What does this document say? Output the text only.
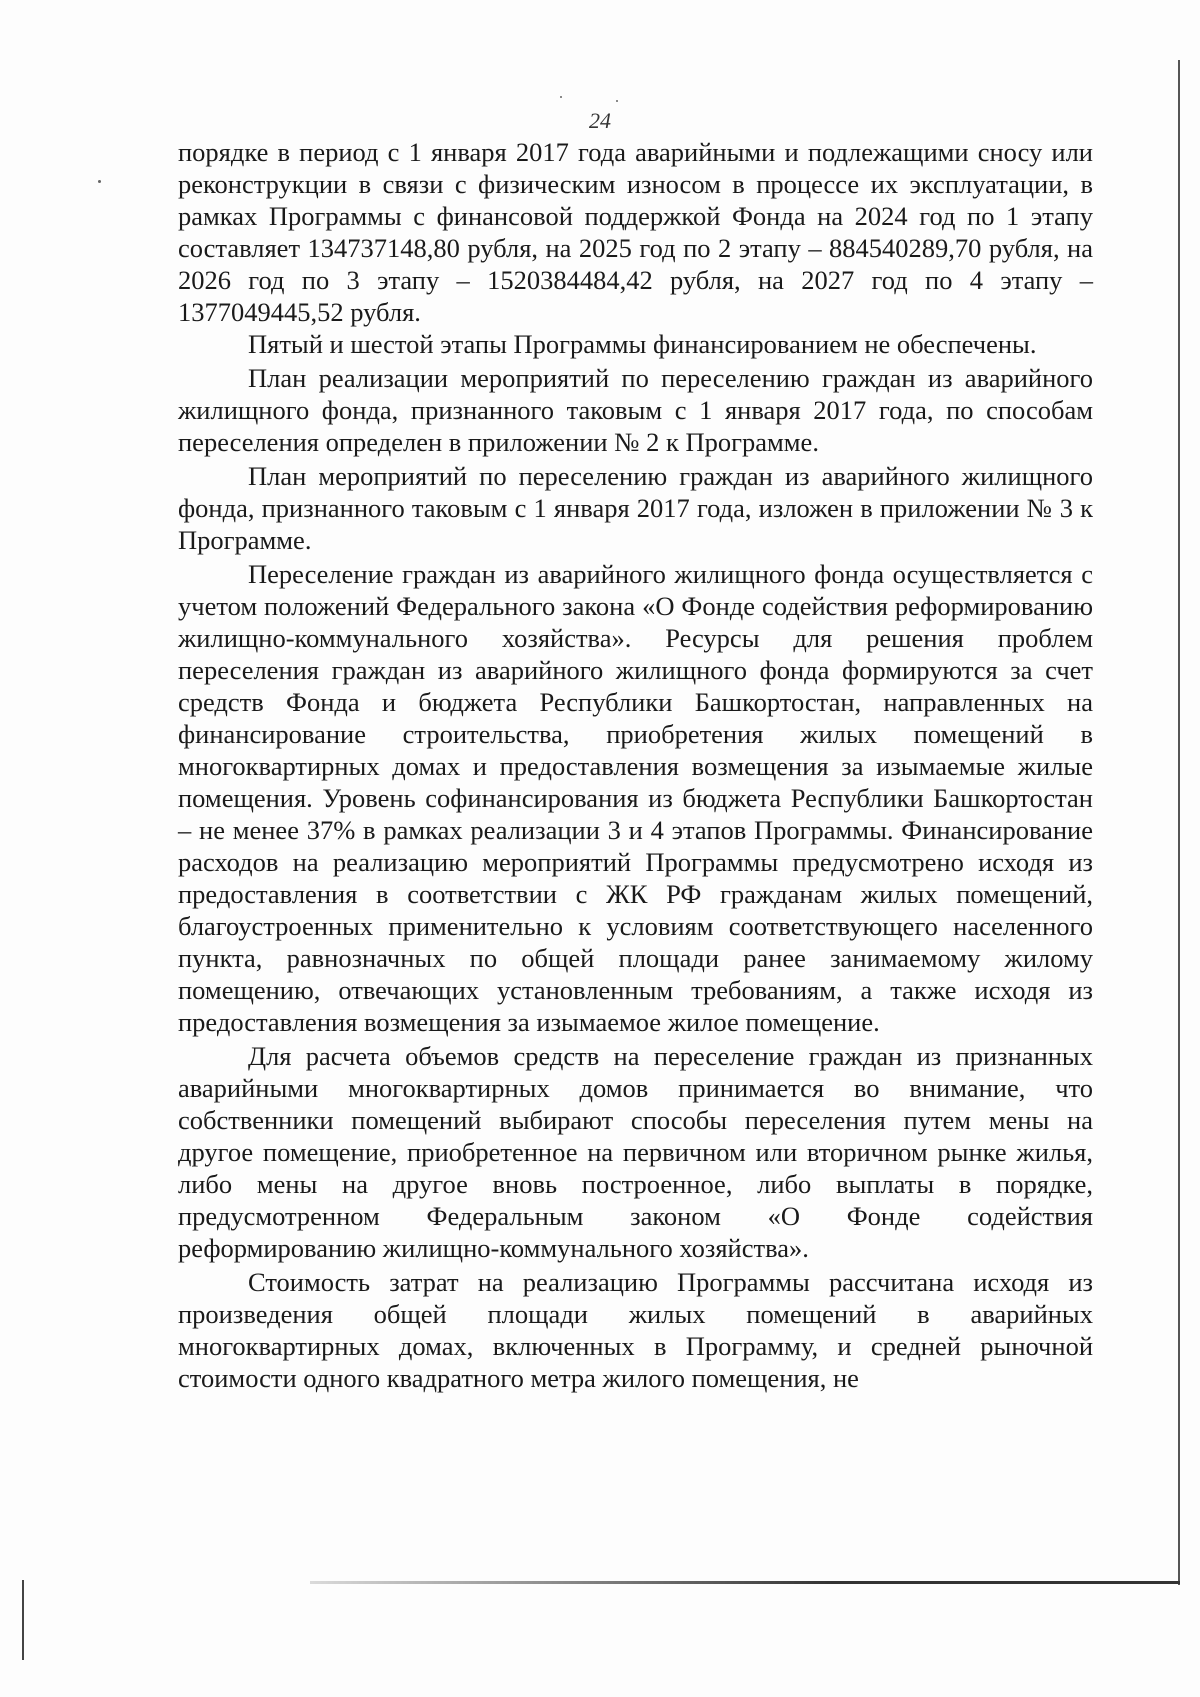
24

порядке в период с 1 января 2017 года аварийными и подлежащими сносу или реконструкции в связи с физическим износом в процессе их эксплуатации, в рамках Программы с финансовой поддержкой Фонда на 2024 год по 1 этапу составляет 134737148,80 рубля, на 2025 год по 2 этапу – 884540289,70 рубля, на 2026 год по 3 этапу – 1520384484,42 рубля, на 2027 год по 4 этапу – 1377049445,52 рубля.

Пятый и шестой этапы Программы финансированием не обеспечены.

План реализации мероприятий по переселению граждан из аварийного жилищного фонда, признанного таковым с 1 января 2017 года, по способам переселения определен в приложении № 2 к Программе.

План мероприятий по переселению граждан из аварийного жилищного фонда, признанного таковым с 1 января 2017 года, изложен в приложении № 3 к Программе.

Переселение граждан из аварийного жилищного фонда осуществляется с учетом положений Федерального закона «О Фонде содействия реформированию жилищно-коммунального хозяйства». Ресурсы для решения проблем переселения граждан из аварийного жилищного фонда формируются за счет средств Фонда и бюджета Республики Башкортостан, направленных на финансирование строительства, приобретения жилых помещений в многоквартирных домах и предоставления возмещения за изымаемые жилые помещения. Уровень софинансирования из бюджета Республики Башкортостан – не менее 37% в рамках реализации 3 и 4 этапов Программы. Финансирование расходов на реализацию мероприятий Программы предусмотрено исходя из предоставления в соответствии с ЖК РФ гражданам жилых помещений, благоустроенных применительно к условиям соответствующего населенного пункта, равнозначных по общей площади ранее занимаемому жилому помещению, отвечающих установленным требованиям, а также исходя из предоставления возмещения за изымаемое жилое помещение.

Для расчета объемов средств на переселение граждан из признанных аварийными многоквартирных домов принимается во внимание, что собственники помещений выбирают способы переселения путем мены на другое помещение, приобретенное на первичном или вторичном рынке жилья, либо мены на другое вновь построенное, либо выплаты в порядке, предусмотренном Федеральным законом «О Фонде содействия реформированию жилищно-коммунального хозяйства».

Стоимость затрат на реализацию Программы рассчитана исходя из произведения общей площади жилых помещений в аварийных многоквартирных домах, включенных в Программу, и средней рыночной стоимости одного квадратного метра жилого помещения, не
